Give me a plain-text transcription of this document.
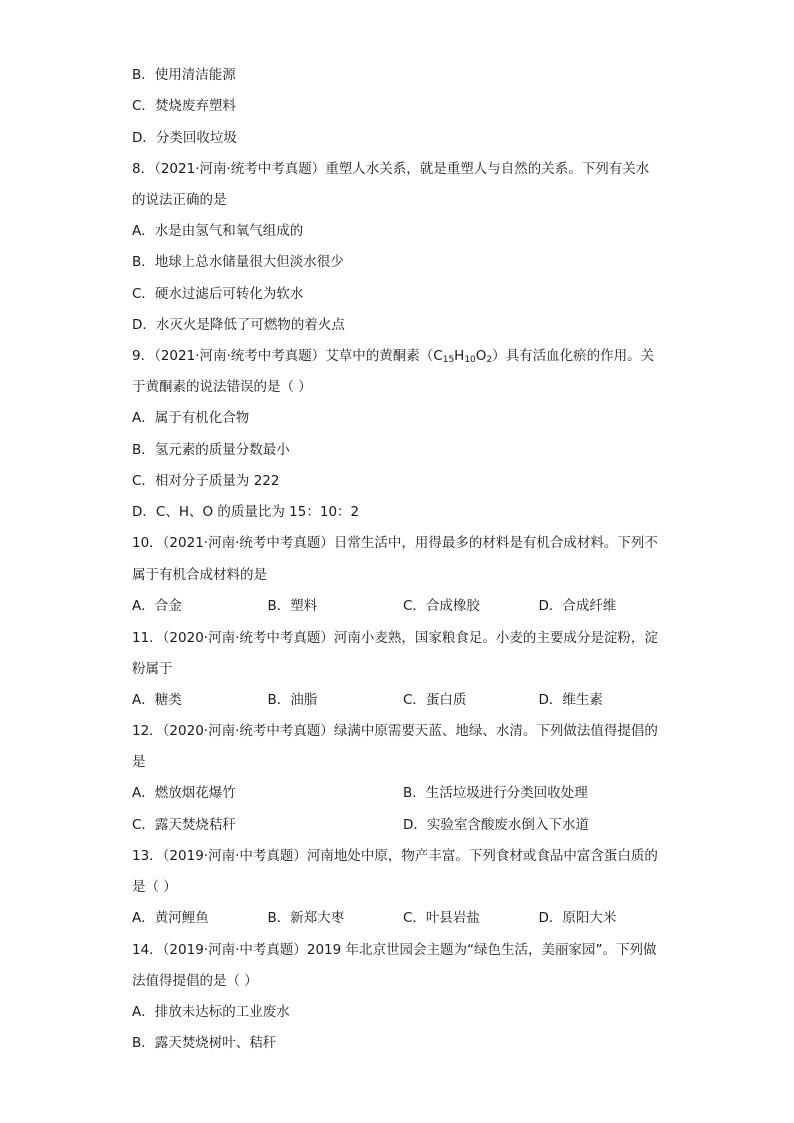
B．使用清洁能源
C．焚烧废弃塑料
D．分类回收垃圾
8．（2021·河南·统考中考真题）重塑人水关系，就是重塑人与自然的关系。下列有关水
的说法正确的是
A．水是由氢气和氧气组成的
B．地球上总水储量很大但淡水很少
C．硬水过滤后可转化为软水
D．水灭火是降低了可燃物的着火点
9．（2021·河南·统考中考真题）艾草中的黄酮素$(C_{15}H_{10}O_2)$具有活血化瘀的作用。关
于黄酮素的说法错误的是（ ）
A．属于有机化合物
B．氢元素的质量分数最小
C．相对分子质量为 222
D．C、H、O 的质量比为 15：10：2
10．（2021·河南·统考中考真题）日常生活中，用得最多的材料是有机合成材料。下列不
属于有机合成材料的是
A．合金	B．塑料	C．合成橡胶	D．合成纤维
11．（2020·河南·统考中考真题）河南小麦熟，国家粮食足。小麦的主要成分是淀粉，淀
粉属于
A．糖类	B．油脂	C．蛋白质	D．维生素
12．（2020·河南·统考中考真题）绿满中原需要天蓝、地绿、水清。下列做法值得提倡的
是
A．燃放烟花爆竹	B．生活垃圾进行分类回收处理
C．露天焚烧秸秆	D．实验室含酸废水倒入下水道
13．（2019·河南·中考真题）河南地处中原，物产丰富。下列食材或食品中富含蛋白质的
是（ ）
A．黄河鲤鱼	B．新郑大枣	C．叶县岩盐	D．原阳大米
14．（2019·河南·中考真题）2019 年北京世园会主题为“绿色生活，美丽家园”。下列做
法值得提倡的是（ ）
A．排放未达标的工业废水
B．露天焚烧树叶、秸秆
